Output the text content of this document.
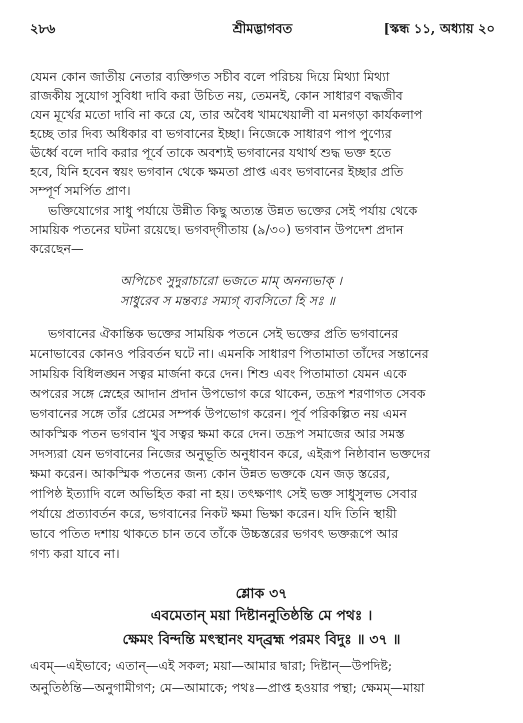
২৮৬	শ্রীমদ্ভাগবত	[স্কন্ধ ১১, অধ্যায় ২০
যেমন কোন জাতীয় নেতার ব্যক্তিগত সচীব বলে পরিচয় দিয়ে মিথ্যা মিথ্যা
রাজকীয় সুযোগ সুবিধা দাবি করা উচিত নয়, তেমনই, কোন সাধারণ বদ্ধজীব
যেন মূর্খের মতো দাবি না করে যে, তার অবৈধ খামখেয়ালী বা মনগড়া কার্যকলাপ
হচ্ছে তার দিব্য অধিকার বা ভগবানের ইচ্ছা। নিজেকে সাধারণ পাপ পুণ্যের
ঊর্ধ্বে বলে দাবি করার পূর্বে তাকে অবশ্যই ভগবানের যথার্থ শুদ্ধ ভক্ত হতে
হবে, যিনি হবেন স্বয়ং ভগবান থেকে ক্ষমতা প্রাপ্ত এবং ভগবানের ইচ্ছার প্রতি
সম্পূর্ণ সমর্পিত প্রাণ।
ভক্তিযোগের সাধু পর্যায়ে উন্নীত কিছু অত্যন্ত উন্নত ভক্তের সেই পর্যায় থেকে
সাময়িক পতনের ঘটনা রয়েছে। ভগবদ্‌গীতায় (৯/৩০) ভগবান উপদেশ প্রদান
করেছেন—
অপিচেৎ সুদুরাচারো ভজতে মাম্ অনন্যভাক্ ।
সাধুরেব স মন্তব্যঃ সম্যগ্ ব্যবসিতো হি সঃ ॥
ভগবানের ঐকান্তিক ভক্তের সাময়িক পতনে সেই ভক্তের প্রতি ভগবানের
মনোভাবের কোনও পরিবর্তন ঘটে না। এমনকি সাধারণ পিতামাতা তাঁদের সন্তানের
সাময়িক বিধিলঙ্ঘন সত্বর মার্জনা করে দেন। শিশু এবং পিতামাতা যেমন একে
অপরের সঙ্গে স্নেহের আদান প্রদান উপভোগ করে থাকেন, তদ্রূপ শরণাগত সেবক
ভগবানের সঙ্গে তাঁর প্রেমের সম্পর্ক উপভোগ করেন। পূর্ব পরিকল্পিত নয় এমন
আকস্মিক পতন ভগবান খুব সত্বর ক্ষমা করে দেন। তদ্রূপ সমাজের আর সমস্ত
সদস্যরা যেন ভগবানের নিজের অনুভূতি অনুধাবন করে, এইরূপ নিষ্ঠাবান ভক্তদের
ক্ষমা করেন। আকস্মিক পতনের জন্য কোন উন্নত ভক্তকে যেন জড় স্তরের,
পাপিষ্ঠ ইত্যাদি বলে অভিহিত করা না হয়। তৎক্ষণাৎ সেই ভক্ত সাধুসুলভ সেবার
পর্যায়ে প্রত্যাবর্তন করে, ভগবানের নিকট ক্ষমা ভিক্ষা করেন। যদি তিনি স্থায়ী
ভাবে পতিত দশায় থাকতে চান তবে তাঁকে উচ্চস্তরের ভগবৎ ভক্তরূপে আর
গণ্য করা যাবে না।
শ্লোক ৩৭
এবমেতান্ ময়া দিষ্টাননুতিষ্ঠন্তি মে পথঃ ।
ক্ষেমং বিন্দন্তি মৎস্থানং যদ্‌ব্রহ্ম পরমং বিদুঃ ॥ ৩৭ ॥
এবম্—এইভাবে; এতান্—এই সকল; ময়া—আমার দ্বারা; দিষ্টান্—উপদিষ্ট;
অনুতিষ্ঠন্তি—অনুগামীগণ; মে—আমাকে; পথঃ—প্রাপ্ত হওয়ার পন্থা; ক্ষেমম্—মায়া
